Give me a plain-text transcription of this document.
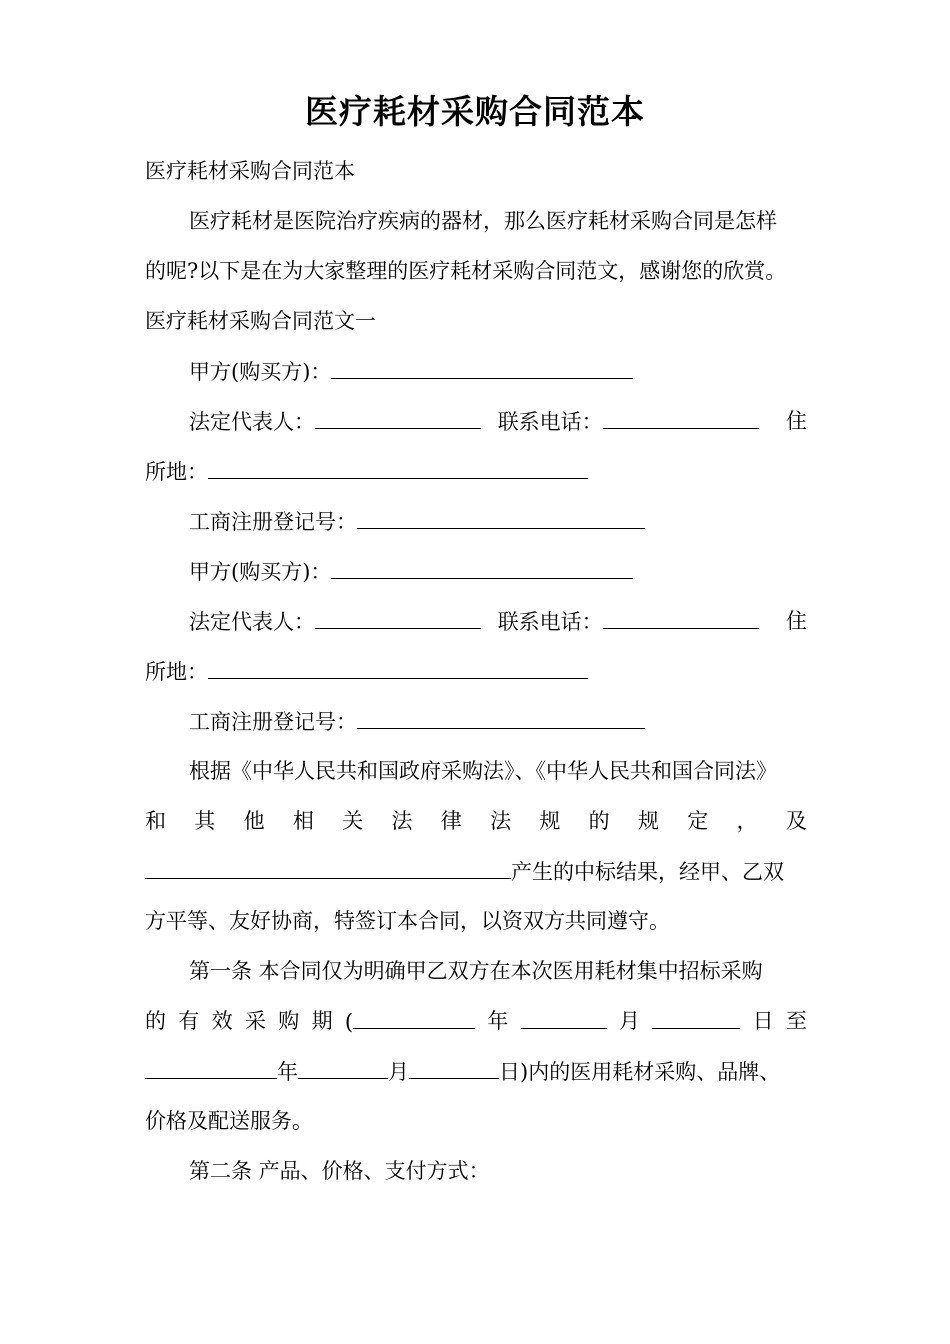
医疗耗材采购合同范本
医疗耗材采购合同范本
医疗耗材是医院治疗疾病的器材，那么医疗耗材采购合同是怎样
的呢?以下是在为大家整理的医疗耗材采购合同范文，感谢您的欣赏。
医疗耗材采购合同范文一
甲方(购买方)：
法定代表人：	联系电话：	住
所地：
工商注册登记号：
甲方(购买方)：
法定代表人：	联系电话：	住
所地：
工商注册登记号：
根据《中华人民共和国政府采购法》、《中华人民共和国合同法》
和 其 他 相 关 法 律 法 规 的 规 定 ， 及
产生的中标结果，经甲、乙双
方平等、友好协商，特签订本合同，以资双方共同遵守。
第一条 本合同仅为明确甲乙双方在本次医用耗材集中招标采购
的 有 效 采 购 期 (	年	月	日 至
年	月	日)内的医用耗材采购、品牌、
价格及配送服务。
第二条 产品、价格、支付方式：
